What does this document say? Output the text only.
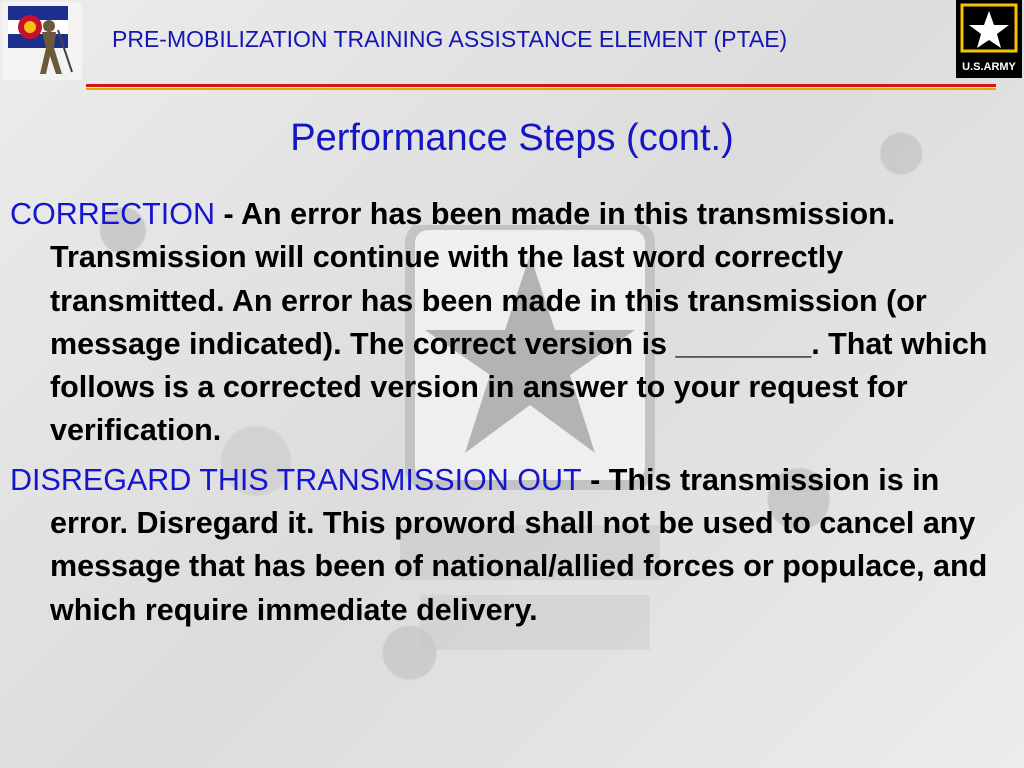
PRE-MOBILIZATION TRAINING ASSISTANCE ELEMENT (PTAE)
U.S.ARMY
Performance Steps (cont.)

CORRECTION - An error has been made in this transmission. Transmission will continue with the last word correctly transmitted. An error has been made in this transmission (or message indicated). The correct version is ________. That which follows is a corrected version in answer to your request for verification.

DISREGARD THIS TRANSMISSION OUT - This transmission is in error. Disregard it. This proword shall not be used to cancel any message that has been of national/allied forces or populace, and which require immediate delivery.
